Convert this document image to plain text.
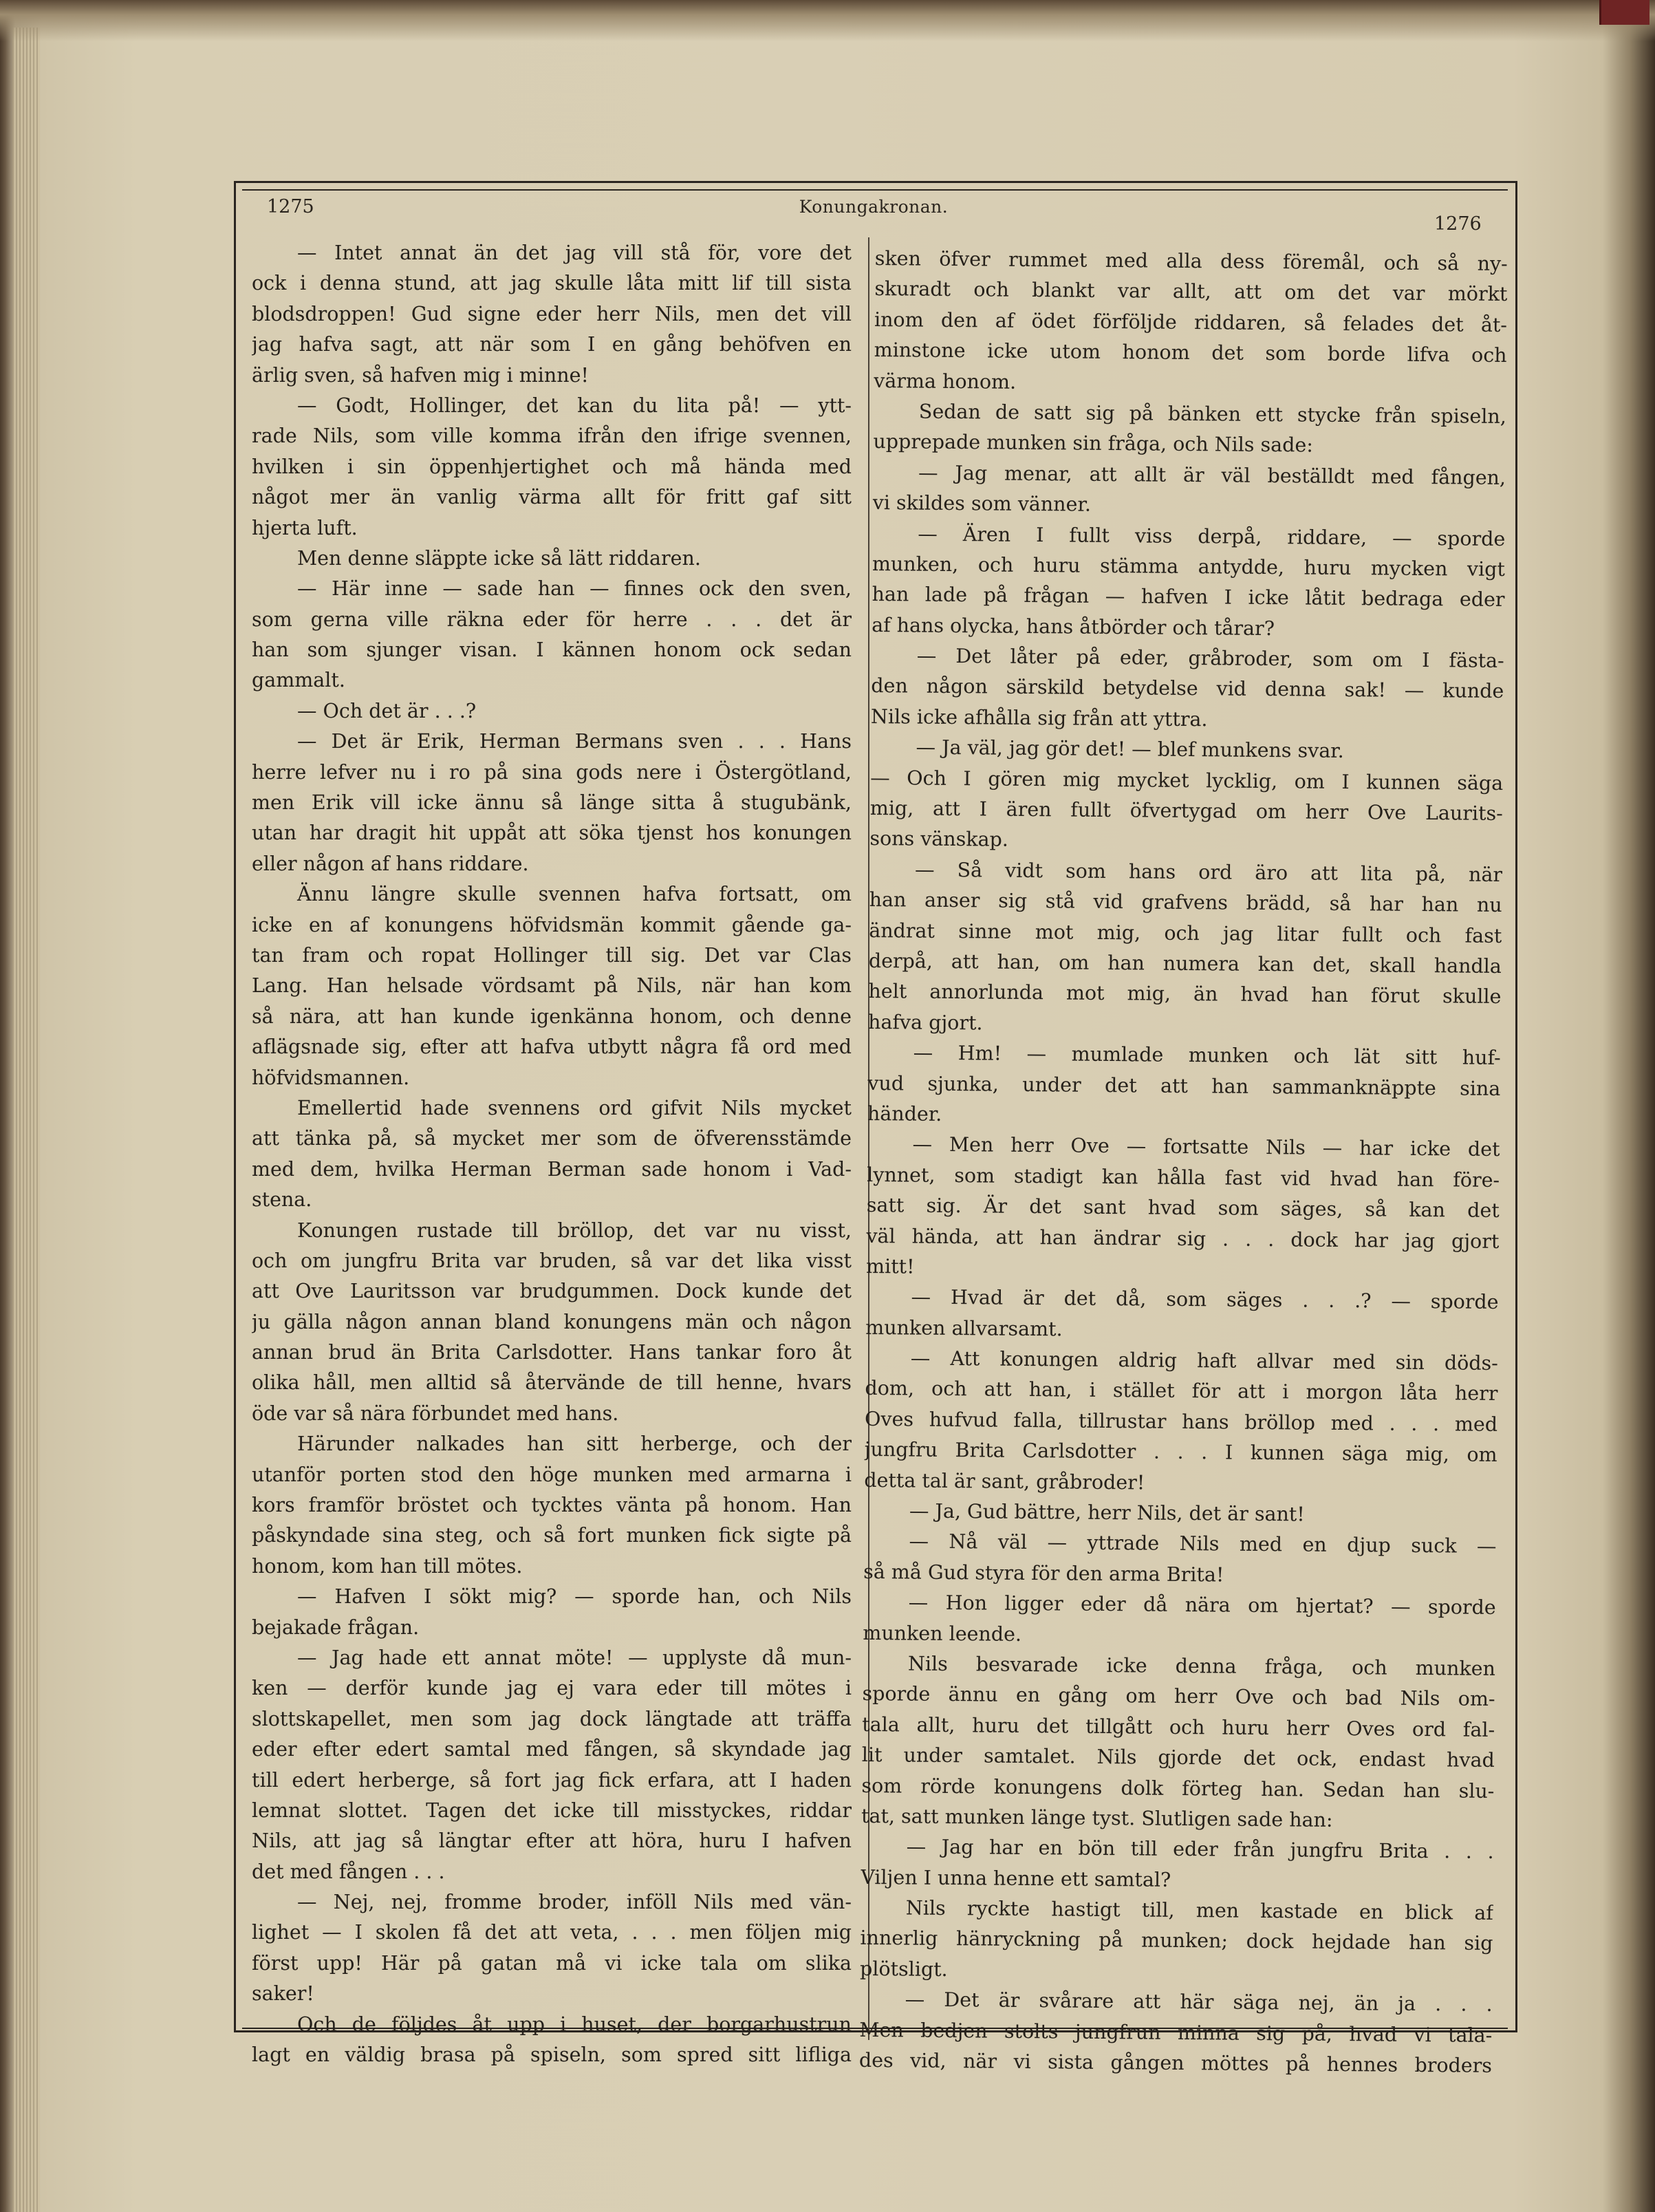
1275	Konungakronan.
1276

— Intet annat än det jag vill stå för, vore det

ock i denna stund, att jag skulle låta mitt lif till sista

blodsdroppen! Gud signe eder herr Nils, men det vill

jag hafva sagt, att när som I en gång behöfven en

ärlig sven, så hafven mig i minne!

— Godt, Hollinger, det kan du lita på! — ytt-

rade Nils, som ville komma ifrån den ifrige svennen,

hvilken i sin öppenhjertighet och må hända med

något mer än vanlig värma allt för fritt gaf sitt

hjerta luft.

Men denne släppte icke så lätt riddaren.

— Här inne — sade han — finnes ock den sven,

som gerna ville räkna eder för herre . . . det är

han som sjunger visan. I kännen honom ock sedan

gammalt.

— Och det är . . .?

— Det är Erik, Herman Bermans sven . . . Hans

herre lefver nu i ro på sina gods nere i Östergötland,

men Erik vill icke ännu så länge sitta å stugubänk,

utan har dragit hit uppåt att söka tjenst hos konungen

eller någon af hans riddare.

Ännu längre skulle svennen hafva fortsatt, om

icke en af konungens höfvidsmän kommit gående ga-

tan fram och ropat Hollinger till sig. Det var Clas

Lang. Han helsade vördsamt på Nils, när han kom

så nära, att han kunde igenkänna honom, och denne

aflägsnade sig, efter att hafva utbytt några få ord med

höfvidsmannen.

Emellertid hade svennens ord gifvit Nils mycket

att tänka på, så mycket mer som de öfverensstämde

med dem, hvilka Herman Berman sade honom i Vad-

stena.

Konungen rustade till bröllop, det var nu visst,

och om jungfru Brita var bruden, så var det lika visst

att Ove Lauritsson var brudgummen. Dock kunde det

ju gälla någon annan bland konungens män och någon

annan brud än Brita Carlsdotter. Hans tankar foro åt

olika håll, men alltid så återvände de till henne, hvars

öde var så nära förbundet med hans.

Härunder nalkades han sitt herberge, och der

utanför porten stod den höge munken med armarna i

kors framför bröstet och tycktes vänta på honom. Han

påskyndade sina steg, och så fort munken fick sigte på

honom, kom han till mötes.

— Hafven I sökt mig? — sporde han, och Nils

bejakade frågan.

— Jag hade ett annat möte! — upplyste då mun-

ken — derför kunde jag ej vara eder till mötes i

slottskapellet, men som jag dock längtade att träffa

eder efter edert samtal med fången, så skyndade jag

till edert herberge, så fort jag fick erfara, att I haden

lemnat slottet. Tagen det icke till misstyckes, riddar

Nils, att jag så längtar efter att höra, huru I hafven

det med fången . . .

— Nej, nej, fromme broder, inföll Nils med vän-

lighet — I skolen få det att veta, . . . men följen mig

först upp! Här på gatan må vi icke tala om slika

saker!

Och de följdes åt upp i huset, der borgarhustrun

lagt en väldig brasa på spiseln, som spred sitt lifliga

sken öfver rummet med alla dess föremål, och så ny-

skuradt och blankt var allt, att om det var mörkt

inom den af ödet förföljde riddaren, så felades det åt-

minstone icke utom honom det som borde lifva och

värma honom.

Sedan de satt sig på bänken ett stycke från spiseln,

upprepade munken sin fråga, och Nils sade:

— Jag menar, att allt är väl beställdt med fången,

vi skildes som vänner.

— Ären I fullt viss derpå, riddare, — sporde

munken, och huru stämma antydde, huru mycken vigt

han lade på frågan — hafven I icke låtit bedraga eder

af hans olycka, hans åtbörder och tårar?

— Det låter på eder, gråbroder, som om I fästa-

den någon särskild betydelse vid denna sak! — kunde

Nils icke afhålla sig från att yttra.

— Ja väl, jag gör det! — blef munkens svar.

— Och I gören mig mycket lycklig, om I kunnen säga

mig, att I ären fullt öfvertygad om herr Ove Laurits-

sons vänskap.

— Så vidt som hans ord äro att lita på, när

han anser sig stå vid grafvens brädd, så har han nu

ändrat sinne mot mig, och jag litar fullt och fast

derpå, att han, om han numera kan det, skall handla

helt annorlunda mot mig, än hvad han förut skulle

hafva gjort.

— Hm! — mumlade munken och lät sitt huf-

vud sjunka, under det att han sammanknäppte sina

händer.

— Men herr Ove — fortsatte Nils — har icke det

lynnet, som stadigt kan hålla fast vid hvad han före-

satt sig. Är det sant hvad som säges, så kan det

väl hända, att han ändrar sig . . . dock har jag gjort

mitt!

— Hvad är det då, som säges . . .? — sporde

munken allvarsamt.

— Att konungen aldrig haft allvar med sin döds-

dom, och att han, i stället för att i morgon låta herr

Oves hufvud falla, tillrustar hans bröllop med . . . med

jungfru Brita Carlsdotter . . . I kunnen säga mig, om

detta tal är sant, gråbroder!

— Ja, Gud bättre, herr Nils, det är sant!

— Nå väl — yttrade Nils med en djup suck —

så må Gud styra för den arma Brita!

— Hon ligger eder då nära om hjertat? — sporde

munken leende.

Nils besvarade icke denna fråga, och munken

sporde ännu en gång om herr Ove och bad Nils om-

tala allt, huru det tillgått och huru herr Oves ord fal-

lit under samtalet. Nils gjorde det ock, endast hvad

som rörde konungens dolk förteg han. Sedan han slu-

tat, satt munken länge tyst. Slutligen sade han:

— Jag har en bön till eder från jungfru Brita . . .

Viljen I unna henne ett samtal?

Nils ryckte hastigt till, men kastade en blick af

innerlig hänryckning på munken; dock hejdade han sig

plötsligt.

— Det är svårare att här säga nej, än ja . . .

Men bedjen stolts jungfrun minna sig på, hvad vi tala-

des vid, när vi sista gången möttes på hennes broders
